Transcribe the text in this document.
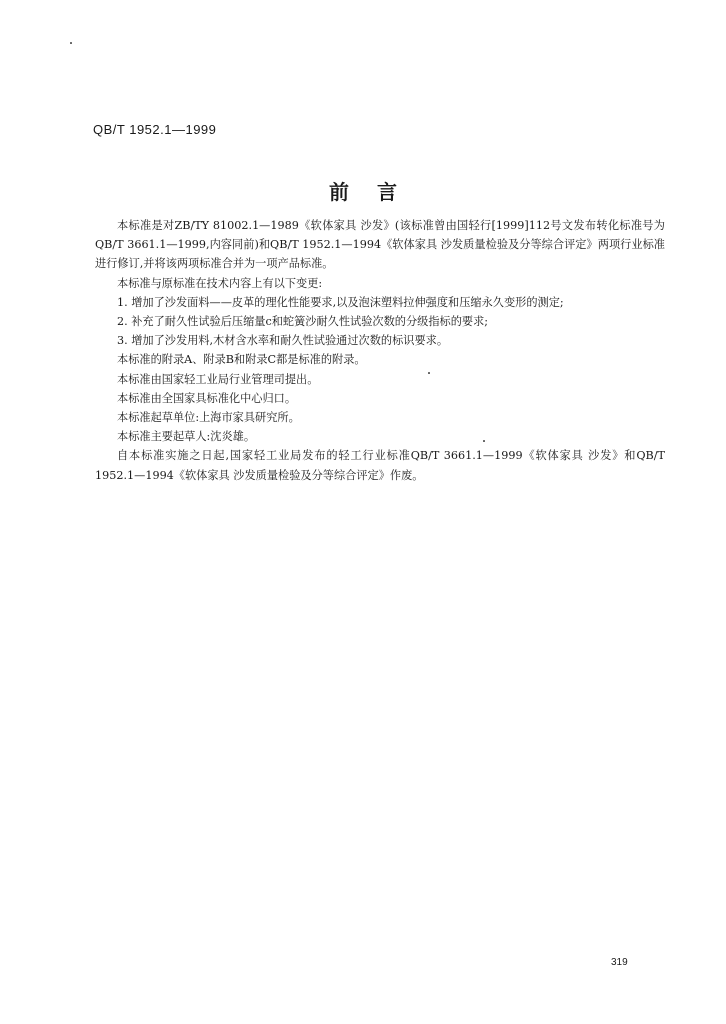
QB/T 1952.1—1999
前言

本标准是对ZB/TY 81002.1—1989《软体家具 沙发》(该标准曾由国轻行[1999]112号文发布转化标准号为QB/T 3661.1—1999,内容同前)和QB/T 1952.1—1994《软体家具 沙发质量检验及分等综合评定》两项行业标准进行修订,并将该两项标准合并为一项产品标准。

本标准与原标准在技术内容上有以下变更:

1. 增加了沙发面料——皮革的理化性能要求,以及泡沫塑料拉伸强度和压缩永久变形的测定;

2. 补充了耐久性试验后压缩量c和蛇簧沙耐久性试验次数的分级指标的要求;

3. 增加了沙发用料,木材含水率和耐久性试验通过次数的标识要求。

本标准的附录A、附录B和附录C都是标准的附录。

本标准由国家轻工业局行业管理司提出。

本标准由全国家具标准化中心归口。

本标准起草单位:上海市家具研究所。

本标准主要起草人:沈炎雄。

自本标准实施之日起,国家轻工业局发布的轻工行业标准QB/T 3661.1—1999《软体家具 沙发》和QB/T 1952.1—1994《软体家具 沙发质量检验及分等综合评定》作废。

319
